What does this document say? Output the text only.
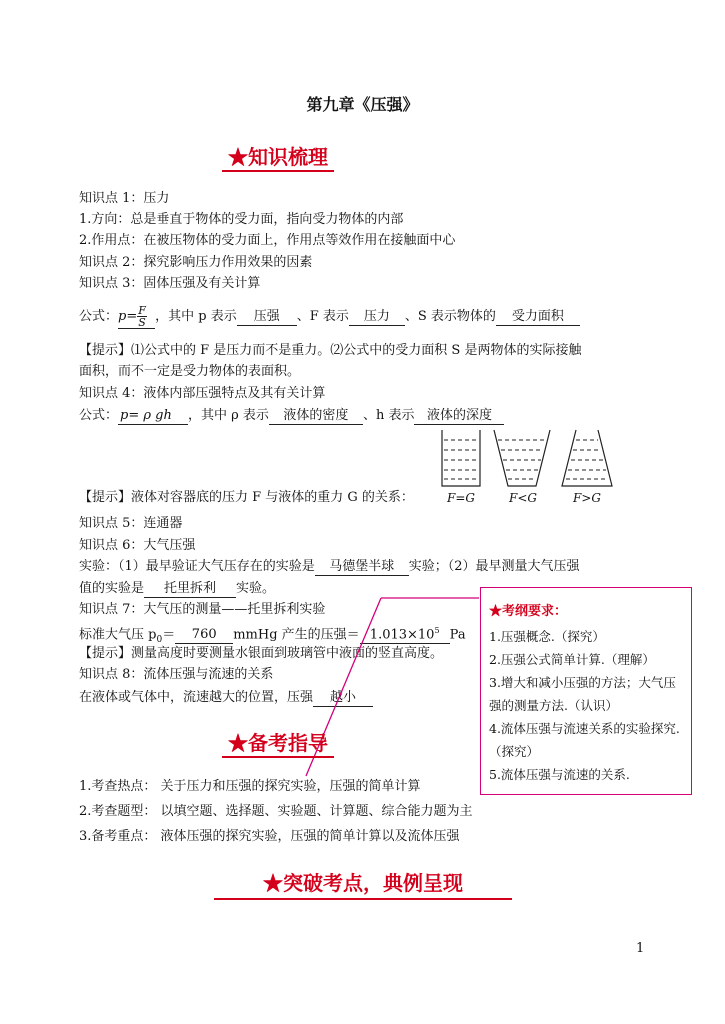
第九章《压强》
★知识梳理
知识点 1：压力
1.方向：总是垂直于物体的受力面，指向受力物体的内部
2.作用点：在被压物体的受力面上，作用点等效作用在接触面中心
知识点 2：探究影响压力作用效果的因素
知识点 3：固体压强及有关计算
公式：$p= \frac{F}{S}$ ，其中 p 表示 压强 、F 表示 压力 、S 表示物体的 受力面积
【提示】⑴公式中的 F 是压力而不是重力。⑵公式中的受力面积 S 是两物体的实际接触
面积，而不一定是受力物体的表面积。
知识点 4：液体内部压强特点及其有关计算
公式： p= ρ gh ，其中 ρ 表示 液体的密度 、h 表示 液体的深度
【提示】液体对容器底的压力 F 与液体的重力 G 的关系：	F=G	F<G	F>G
知识点 5：连通器
知识点 6：大气压强
实验：（1）最早验证大气压存在的实验是 马德堡半球 实验；（2）最早测量大气压强
值的实验是 托里拆利 实验。
知识点 7：大气压的测量——托里拆利实验
标准大气压 $p_0= 760$ mmHg 产生的压强＝ $1.013\times 10^5$ Pa
【提示】测量高度时要测量水银面到玻璃管中液面的竖直高度。
知识点 8：流体压强与流速的关系
在液体或气体中，流速越大的位置，压强 越小
★考纲要求：
1.压强概念.（探究）
2.压强公式简单计算.（理解）
3.增大和减小压强的方法；大气压强的测量方法.（认识）
4.流体压强与流速关系的实验探究.（探究）
5.流体压强与流速的关系.
★备考指导
1.考查热点： 关于压力和压强的探究实验，压强的简单计算
2.考查题型： 以填空题、选择题、实验题、计算题、综合能力题为主
3.备考重点： 液体压强的探究实验，压强的简单计算以及流体压强
★突破考点，典例呈现
1
